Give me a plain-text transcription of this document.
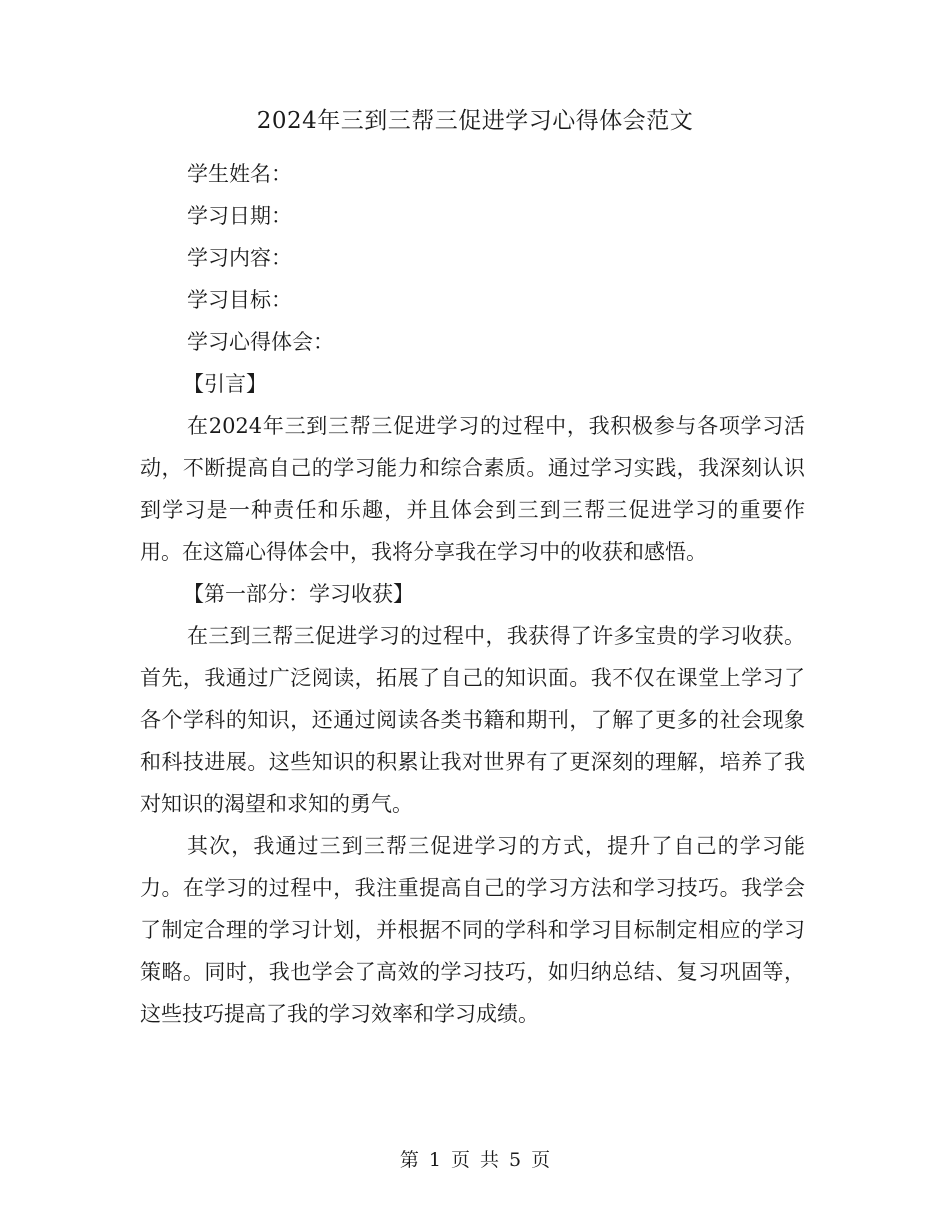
2024年三到三帮三促进学习心得体会范文

学生姓名：

学习日期：

学习内容：

学习目标：

学习心得体会：

【引言】

在2024年三到三帮三促进学习的过程中，我积极参与各项学习活动，不断提高自己的学习能力和综合素质。通过学习实践，我深刻认识到学习是一种责任和乐趣，并且体会到三到三帮三促进学习的重要作用。在这篇心得体会中，我将分享我在学习中的收获和感悟。

【第一部分：学习收获】

在三到三帮三促进学习的过程中，我获得了许多宝贵的学习收获。首先，我通过广泛阅读，拓展了自己的知识面。我不仅在课堂上学习了各个学科的知识，还通过阅读各类书籍和期刊，了解了更多的社会现象和科技进展。这些知识的积累让我对世界有了更深刻的理解，培养了我对知识的渴望和求知的勇气。

其次，我通过三到三帮三促进学习的方式，提升了自己的学习能力。在学习的过程中，我注重提高自己的学习方法和学习技巧。我学会了制定合理的学习计划，并根据不同的学科和学习目标制定相应的学习策略。同时，我也学会了高效的学习技巧，如归纳总结、复习巩固等，这些技巧提高了我的学习效率和学习成绩。

第 1 页 共 5 页
